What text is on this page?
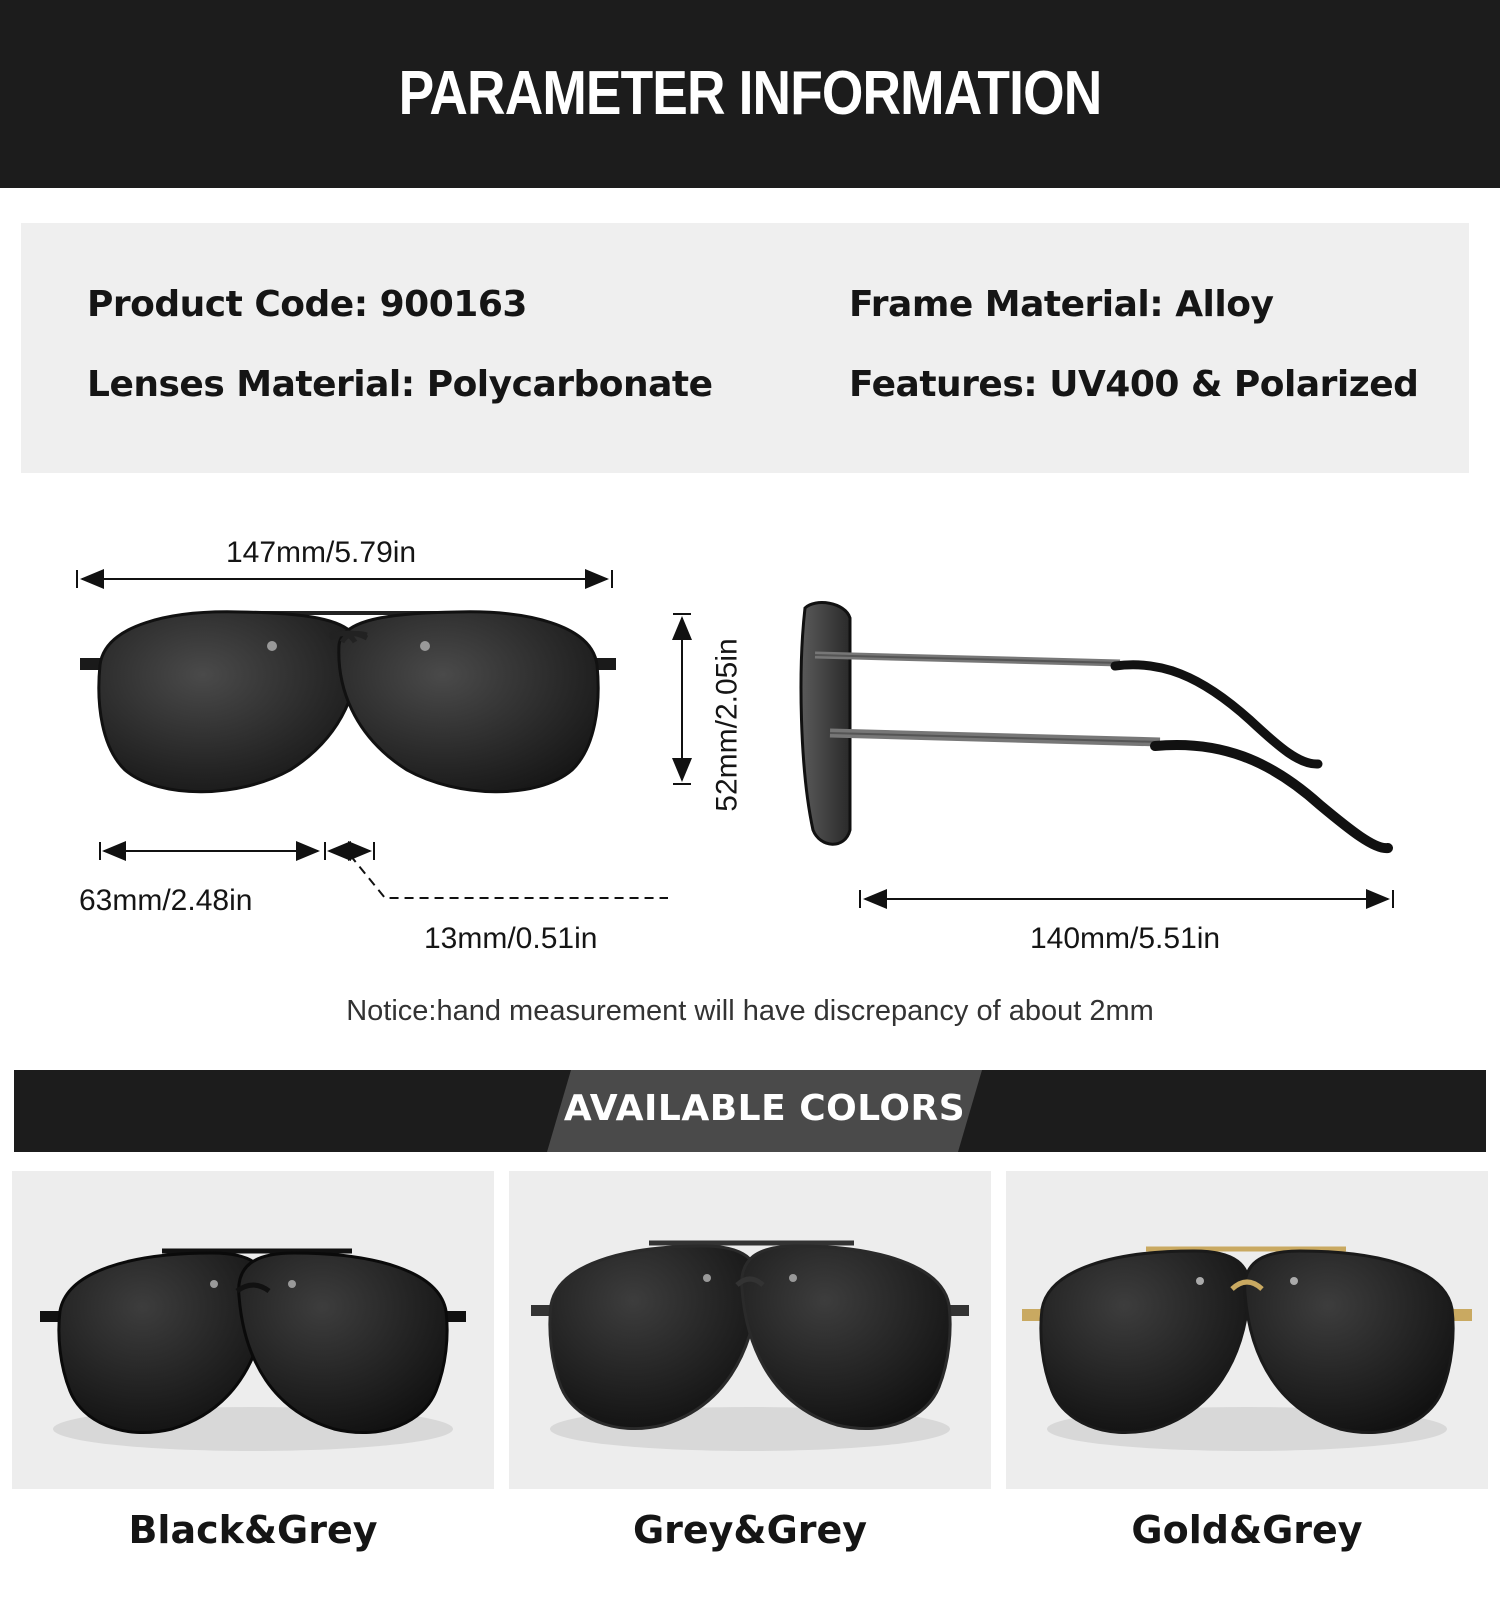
PARAMETER INFORMATION
Product Code: 900163	Frame Material: Alloy
Lenses Material: Polycarbonate	Features: UV400 & Polarized
147mm/5.79in
63mm/2.48in
13mm/0.51in
52mm/2.05in
140mm/5.51in
Notice:hand measurement will have discrepancy of about 2mm
AVAILABLE COLORS
Black&Grey	Grey&Grey	Gold&Grey
